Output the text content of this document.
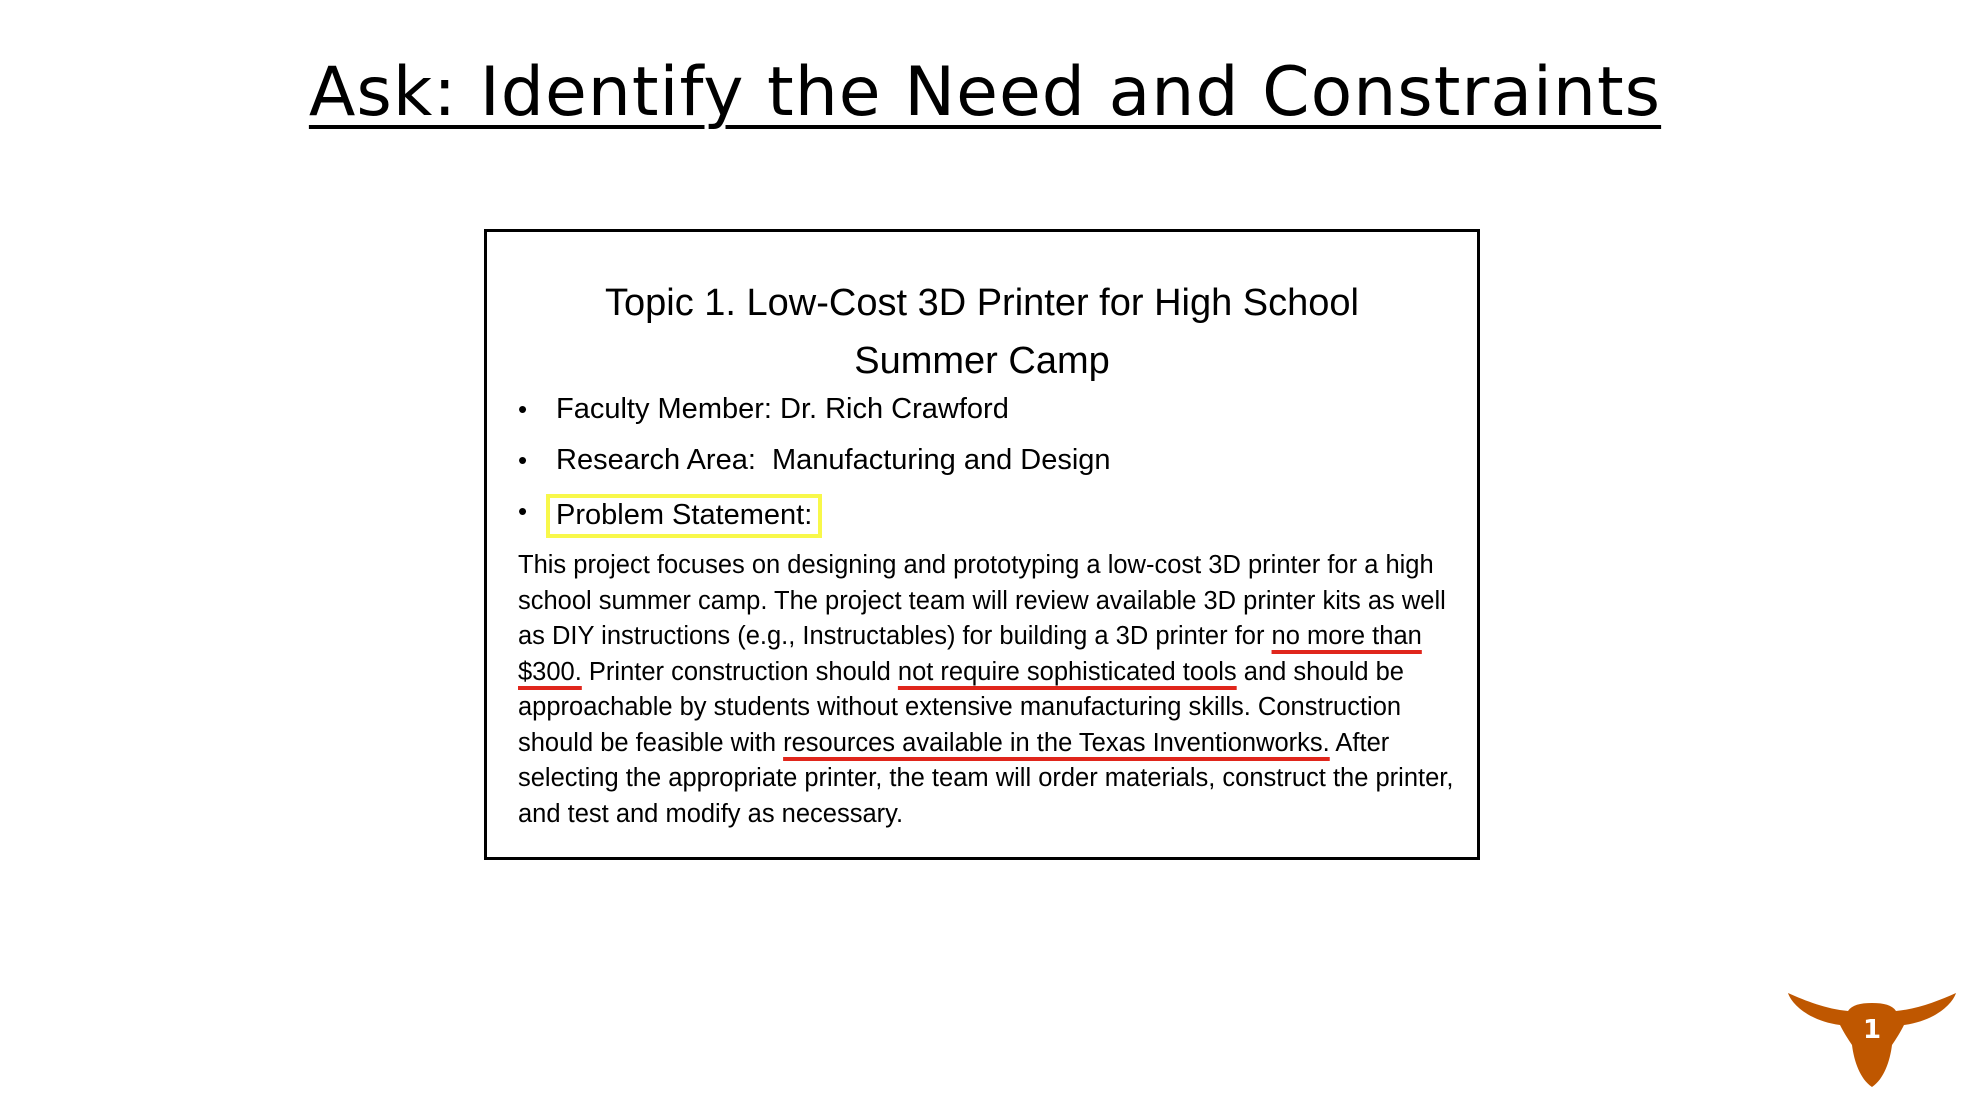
Ask: Identify the Need and Constraints
Topic 1. Low-Cost 3D Printer for High School
Summer Camp
• Faculty Member: Dr. Rich Crawford
• Research Area:  Manufacturing and Design
• Problem Statement:

This project focuses on designing and prototyping a low-cost 3D printer for a high school summer camp. The project team will review available 3D printer kits as well as DIY instructions (e.g., Instructables) for building a 3D printer for no more than $300. Printer construction should not require sophisticated tools and should be approachable by students without extensive manufacturing skills. Construction should be feasible with resources available in the Texas Inventionworks. After selecting the appropriate printer, the team will order materials, construct the printer, and test and modify as necessary.

1
